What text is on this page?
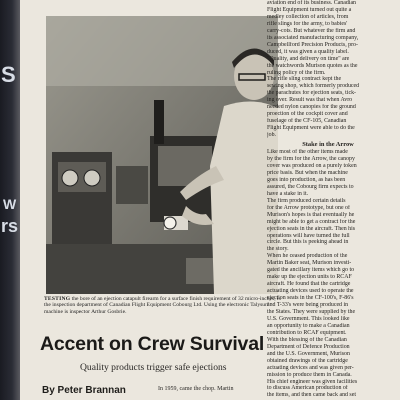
S
W
rs
TESTING the bore of an ejection catapult firearm for a surface finish requirement of 32 micro-inches, is the inspection department of Canadian Flight Equipment Cobourg Ltd. Using the electronic Talysurf machine is inspector Arthur Gosbrie.
Accent on Crew Survival
Quality products trigger safe ejections
By Peter Brannan	In 1959, came the chop. Martin
aviation end of its business. Canadian
Flight Equipment turned out quite a
medley collection of articles, from
rifle slings for the army, to babies'
carry-cots. But whatever the firm and
its associated manufacturing company,
Campbellford Precision Products, pro-
duced, it was given a quality label.
"Quality, and delivery on time" are
the watchwords Murison quotes as the
ruling policy of the firm.
The rifle sling contract kept the
sewing shop, which formerly produced
the parachutes for ejection seats, tick-
ing over. Result was that when Avro
needed nylon canopies for the ground
proection of the cockpit cover and
fuselage of the CF-105, Canadian
Flight Equipment were able to do the
job.
Stake in the Arrow
Like most of the other items made
by the firm for the Arrow, the canopy
cover was produced on a purely token
price basis. But when the machine
goes into production, as has been
assured, the Cobourg firm expects to
have a stake in it.
The firm produced certain details
for the Arrow prototype, but one of
Murison's hopes is that eventually he
might be able to get a contract for the
ejection seats in the aircraft. Then his
operations will have turned the full
circle. But this is peeking ahead in
the story.
When he ceased production of the
Martin Baker seat, Murison investi-
gated the ancillary items which go to
make up the ejection units to RCAF
aircraft. He found that the cartridge
actuating devices used to operate the
ejection seats in the CF-100's, F-86's
and T-33's were being produced in
the States. They were supplied by the
U.S. Government. This looked like
an opportunity to make a Canadian
contribution to RCAF equipment.
With the blessing of the Canadian
Department of Defence Production
and the U.S. Government, Murison
obtained drawings of the cartridge
actuating devices and was given per-
mission to produce them in Canada.
His chief engineer was given facilities
to discuss American production of
the items, and then came back and set
